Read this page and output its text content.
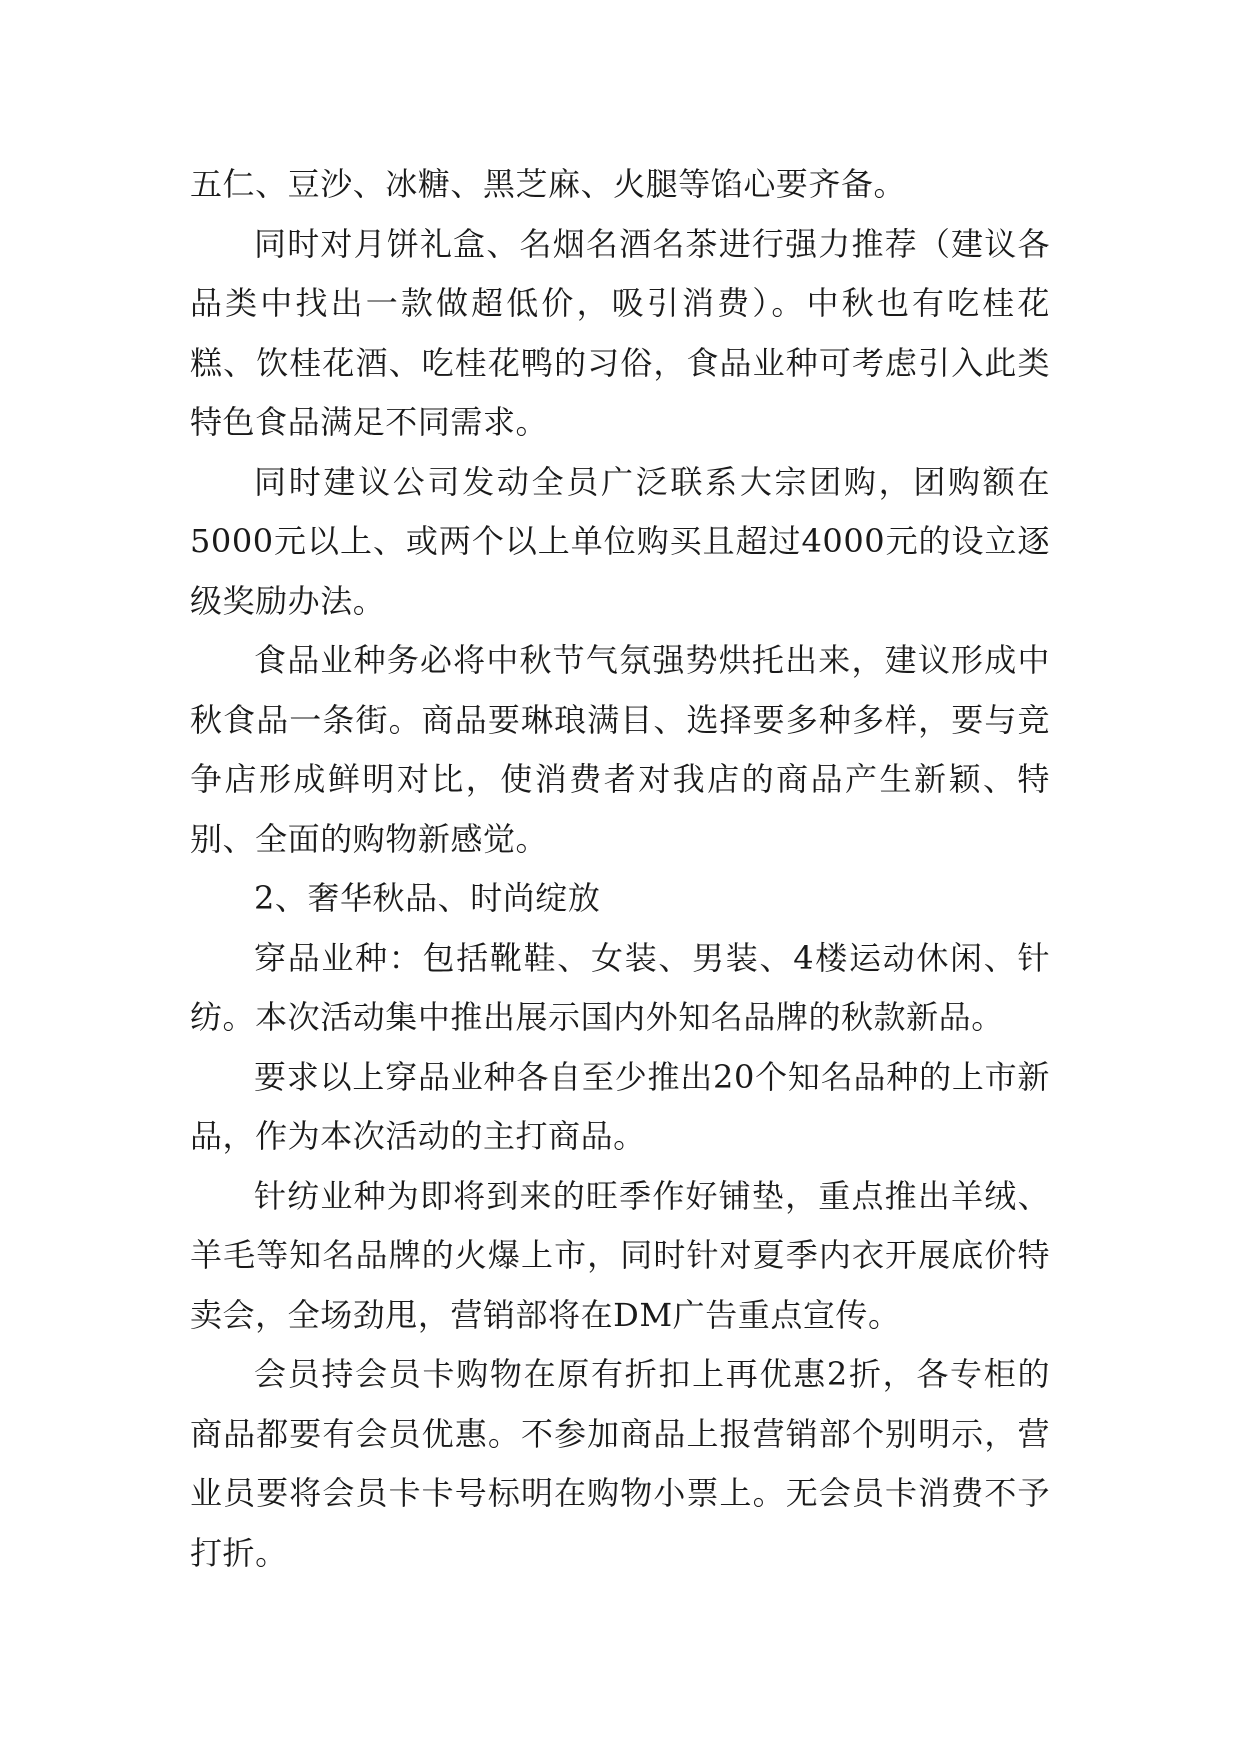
五仁、豆沙、冰糖、黑芝麻、火腿等馅心要齐备。

同时对月饼礼盒、名烟名酒名茶进行强力推荐（建议各品类中找出一款做超低价，吸引消费）。中秋也有吃桂花糕、饮桂花酒、吃桂花鸭的习俗，食品业种可考虑引入此类特色食品满足不同需求。

同时建议公司发动全员广泛联系大宗团购，团购额在5000元以上、或两个以上单位购买且超过4000元的设立逐级奖励办法。

食品业种务必将中秋节气氛强势烘托出来，建议形成中秋食品一条街。商品要琳琅满目、选择要多种多样，要与竞争店形成鲜明对比，使消费者对我店的商品产生新颖、特别、全面的购物新感觉。

2、奢华秋品、时尚绽放

穿品业种：包括靴鞋、女装、男装、4楼运动休闲、针纺。本次活动集中推出展示国内外知名品牌的秋款新品。

要求以上穿品业种各自至少推出20个知名品种的上市新品，作为本次活动的主打商品。

针纺业种为即将到来的旺季作好铺垫，重点推出羊绒、羊毛等知名品牌的火爆上市，同时针对夏季内衣开展底价特卖会，全场劲甩，营销部将在DM广告重点宣传。

会员持会员卡购物在原有折扣上再优惠2折，各专柜的商品都要有会员优惠。不参加商品上报营销部个别明示，营业员要将会员卡卡号标明在购物小票上。无会员卡消费不予打折。
